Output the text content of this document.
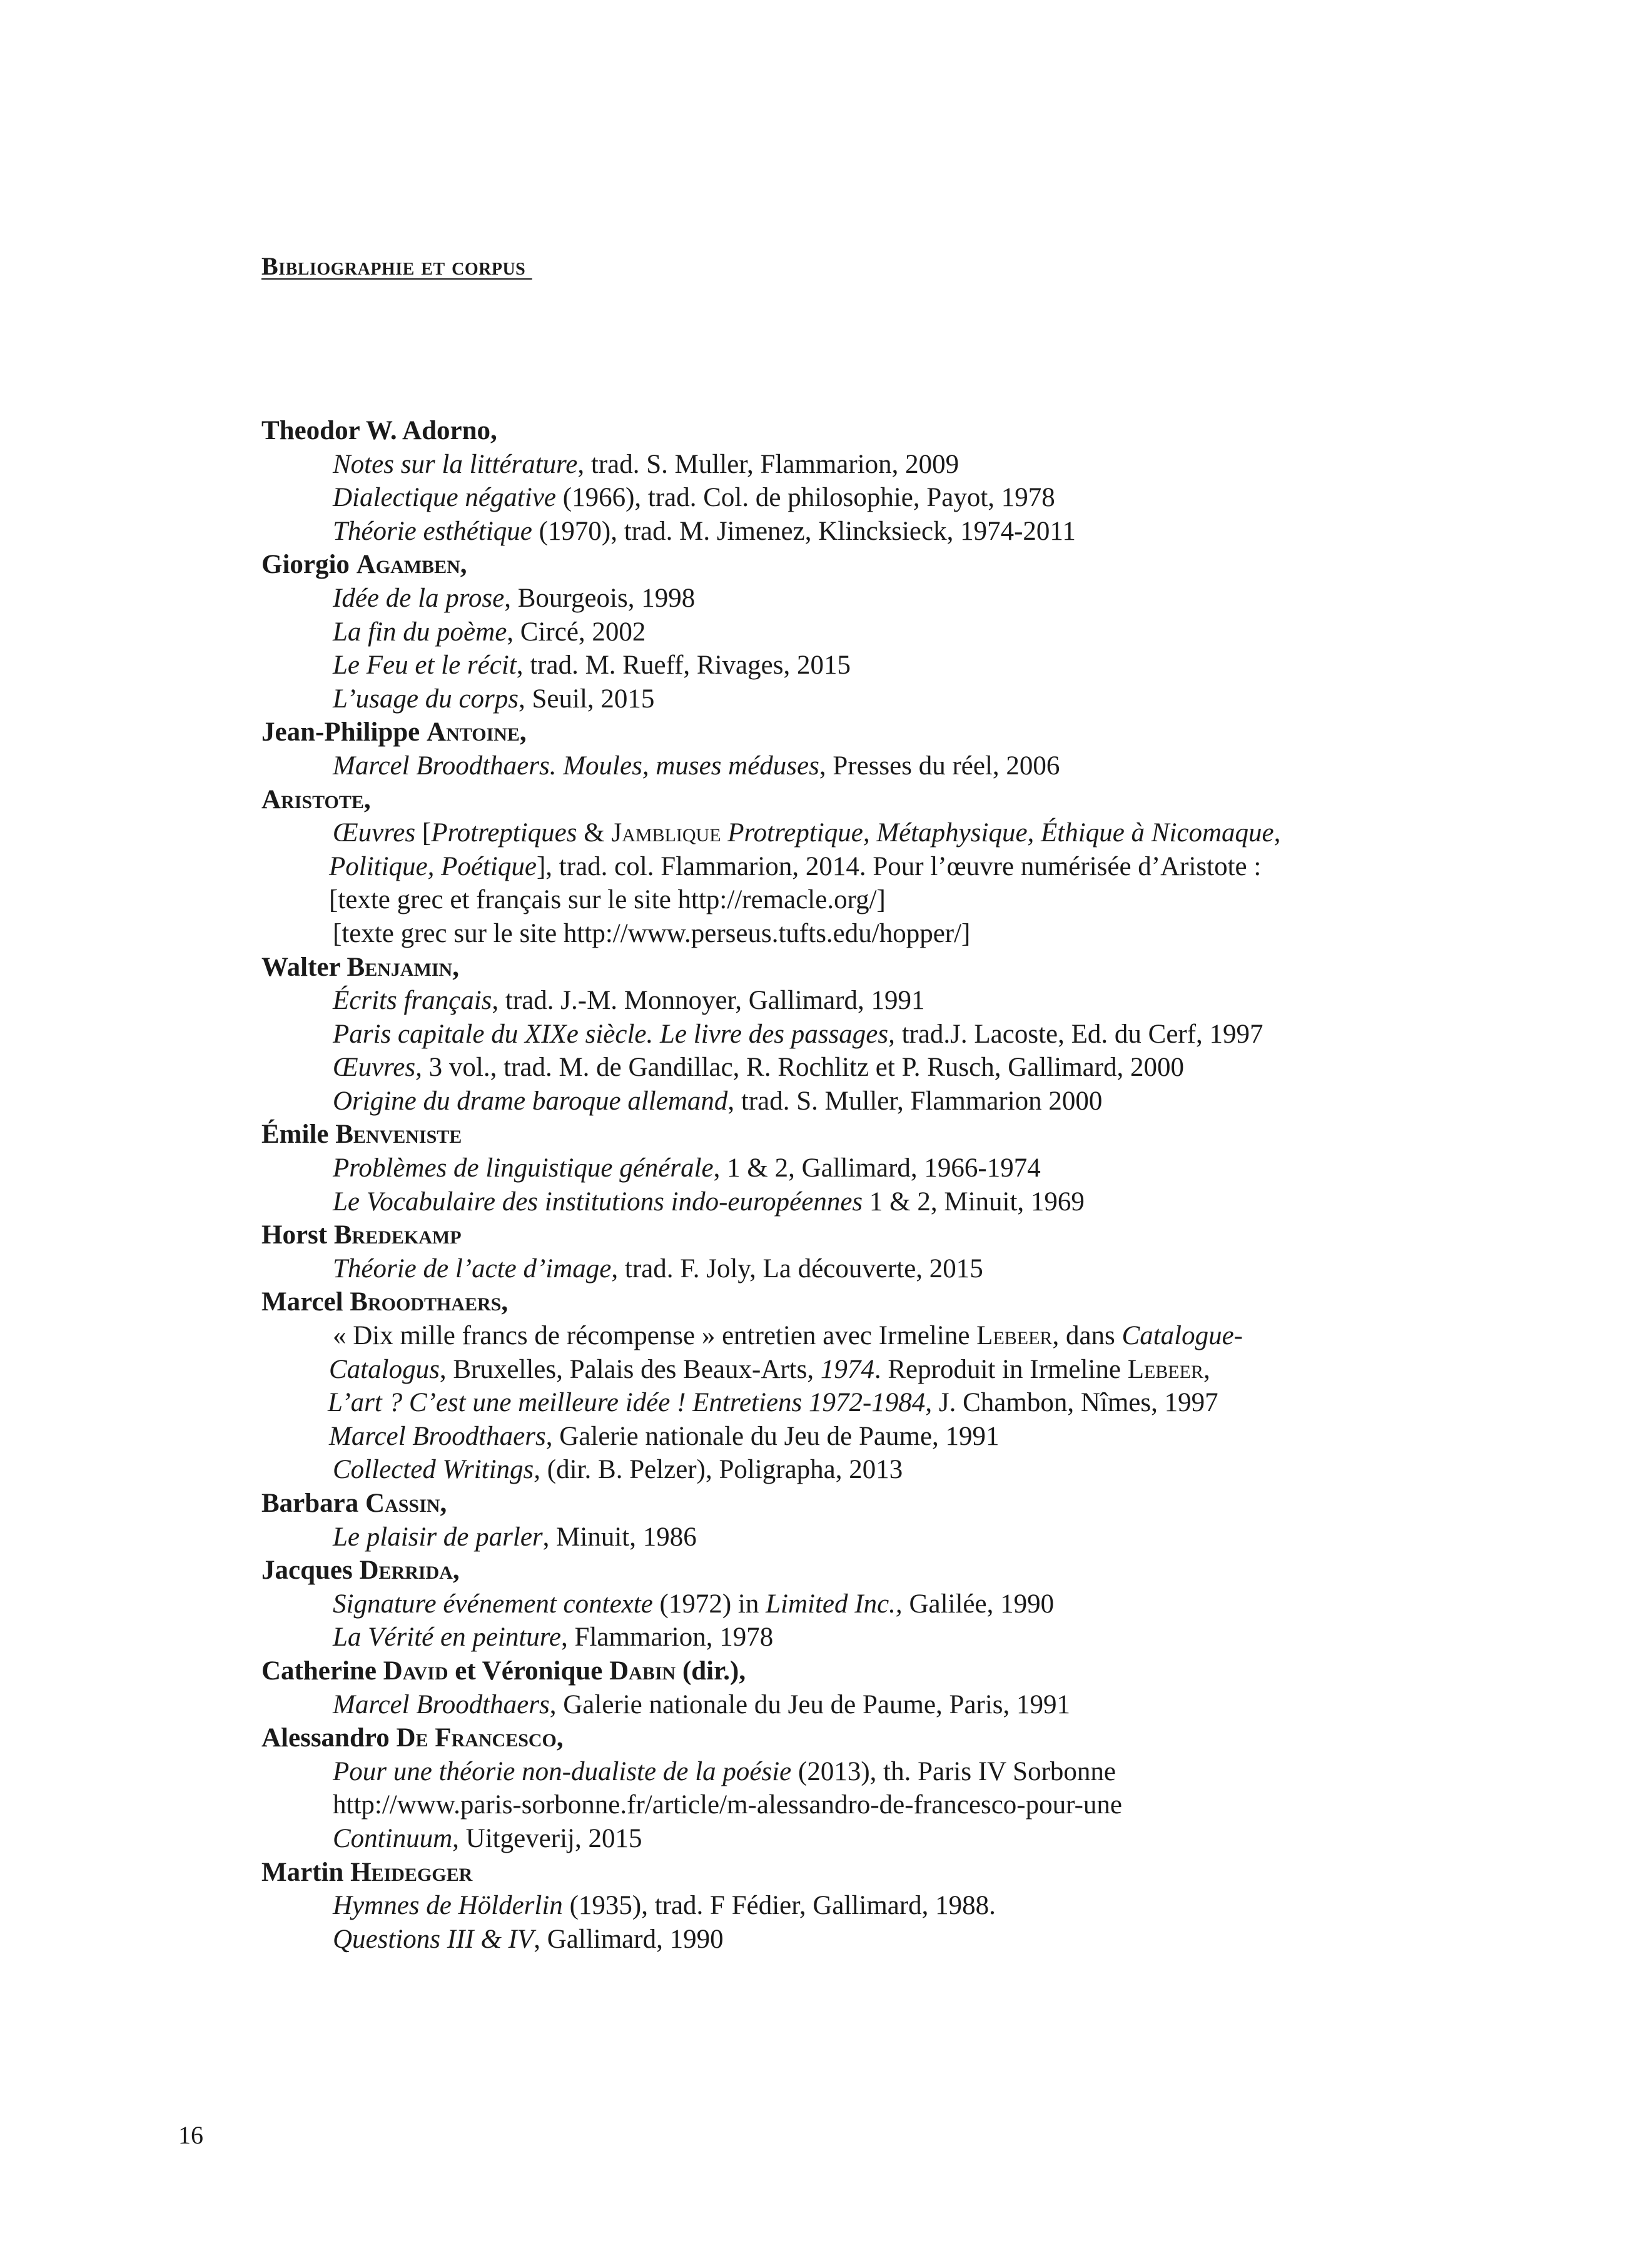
Bibliographie et corpus
Theodor W. Adorno,
Notes sur la littérature, trad. S. Muller, Flammarion, 2009
Dialectique négative (1966), trad. Col. de philosophie, Payot, 1978
Théorie esthétique (1970), trad. M. Jimenez, Klincksieck, 1974-2011
Giorgio Agamben,
Idée de la prose, Bourgeois, 1998
La fin du poème, Circé, 2002
Le Feu et le récit, trad. M. Rueff, Rivages, 2015
L’usage du corps, Seuil, 2015
Jean-Philippe Antoine,
Marcel Broodthaers. Moules, muses méduses, Presses du réel, 2006
Aristote,
Œuvres [Protreptiques & Jamblique Protreptique, Métaphysique, Éthique à Nicomaque,
Politique, Poétique], trad. col. Flammarion, 2014. Pour l’œuvre numérisée d’Aristote :
[texte grec et français sur le site http://remacle.org/]
[texte grec sur le site http://www.perseus.tufts.edu/hopper/]
Walter Benjamin,
Écrits français, trad. J.-M. Monnoyer, Gallimard, 1991
Paris capitale du XIXe siècle. Le livre des passages, trad.J. Lacoste, Ed. du Cerf, 1997
Œuvres, 3 vol., trad. M. de Gandillac, R. Rochlitz et P. Rusch, Gallimard, 2000
Origine du drame baroque allemand, trad. S. Muller, Flammarion 2000
Émile Benveniste
Problèmes de linguistique générale, 1 & 2, Gallimard, 1966-1974
Le Vocabulaire des institutions indo-européennes 1 & 2, Minuit, 1969
Horst Bredekamp
Théorie de l’acte d’image, trad. F. Joly, La découverte, 2015
Marcel Broodthaers,
« Dix mille francs de récompense » entretien avec Irmeline Lebeer, dans Catalogue-
Catalogus, Bruxelles, Palais des Beaux-Arts, 1974. Reproduit in Irmeline Lebeer,
L’art ? C’est une meilleure idée ! Entretiens 1972-1984, J. Chambon, Nîmes, 1997
Marcel Broodthaers, Galerie nationale du Jeu de Paume, 1991
Collected Writings, (dir. B. Pelzer), Poligrapha, 2013
Barbara Cassin,
Le plaisir de parler, Minuit, 1986
Jacques Derrida,
Signature événement contexte (1972) in Limited Inc., Galilée, 1990
La Vérité en peinture, Flammarion, 1978
Catherine David et Véronique Dabin (dir.),
Marcel Broodthaers, Galerie nationale du Jeu de Paume, Paris, 1991
Alessandro De Francesco,
Pour une théorie non-dualiste de la poésie (2013), th. Paris IV Sorbonne
http://www.paris-sorbonne.fr/article/m-alessandro-de-francesco-pour-une
Continuum, Uitgeverij, 2015
Martin Heidegger
Hymnes de Hölderlin (1935), trad. F Fédier, Gallimard, 1988.
Questions III & IV, Gallimard, 1990
16
